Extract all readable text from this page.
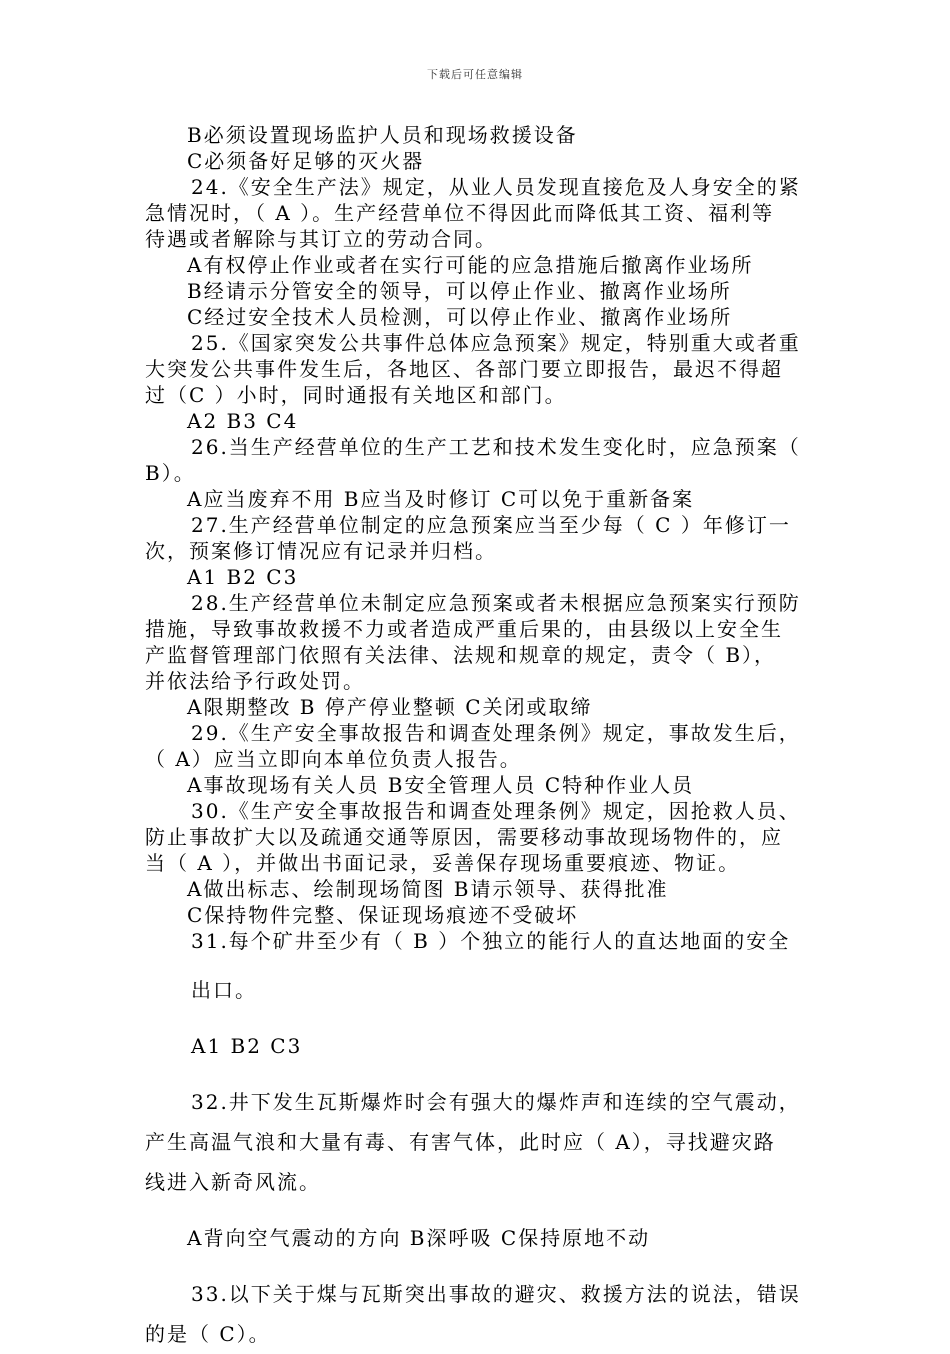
下载后可任意编辑
B必须设置现场监护人员和现场救援设备
C必须备好足够的灭火器
24.《安全生产法》规定，从业人员发现直接危及人身安全的紧
急情况时，（ A ）。生产经营单位不得因此而降低其工资、福利等
待遇或者解除与其订立的劳动合同。
A有权停止作业或者在实行可能的应急措施后撤离作业场所
B经请示分管安全的领导，可以停止作业、撤离作业场所
C经过安全技术人员检测，可以停止作业、撤离作业场所
25.《国家突发公共事件总体应急预案》规定，特别重大或者重
大突发公共事件发生后，各地区、各部门要立即报告，最迟不得超
过（C ）小时，同时通报有关地区和部门。
A2 B3 C4
26.当生产经营单位的生产工艺和技术发生变化时，应急预案（
B）。
A应当废弃不用 B应当及时修订 C可以免于重新备案
27.生产经营单位制定的应急预案应当至少每（ C ）年修订一
次，预案修订情况应有记录并归档。
A1 B2 C3
28.生产经营单位未制定应急预案或者未根据应急预案实行预防
措施，导致事故救援不力或者造成严重后果的，由县级以上安全生
产监督管理部门依照有关法律、法规和规章的规定，责令（ B），
并依法给予行政处罚。
A限期整改 B 停产停业整顿 C关闭或取缔
29.《生产安全事故报告和调查处理条例》规定，事故发生后，
（ A）应当立即向本单位负责人报告。
A事故现场有关人员 B安全管理人员 C特种作业人员
30.《生产安全事故报告和调查处理条例》规定，因抢救人员、
防止事故扩大以及疏通交通等原因，需要移动事故现场物件的，应
当（ A ），并做出书面记录，妥善保存现场重要痕迹、物证。
A做出标志、绘制现场简图 B请示领导、获得批准
C保持物件完整、保证现场痕迹不受破坏
31.每个矿井至少有（ B ）个独立的能行人的直达地面的安全
出口。
A1 B2 C3
32.井下发生瓦斯爆炸时会有强大的爆炸声和连续的空气震动，
产生高温气浪和大量有毒、有害气体，此时应（ A），寻找避灾路
线进入新奇风流。
A背向空气震动的方向 B深呼吸 C保持原地不动
33.以下关于煤与瓦斯突出事故的避灾、救援方法的说法，错误
的是（ C）。
